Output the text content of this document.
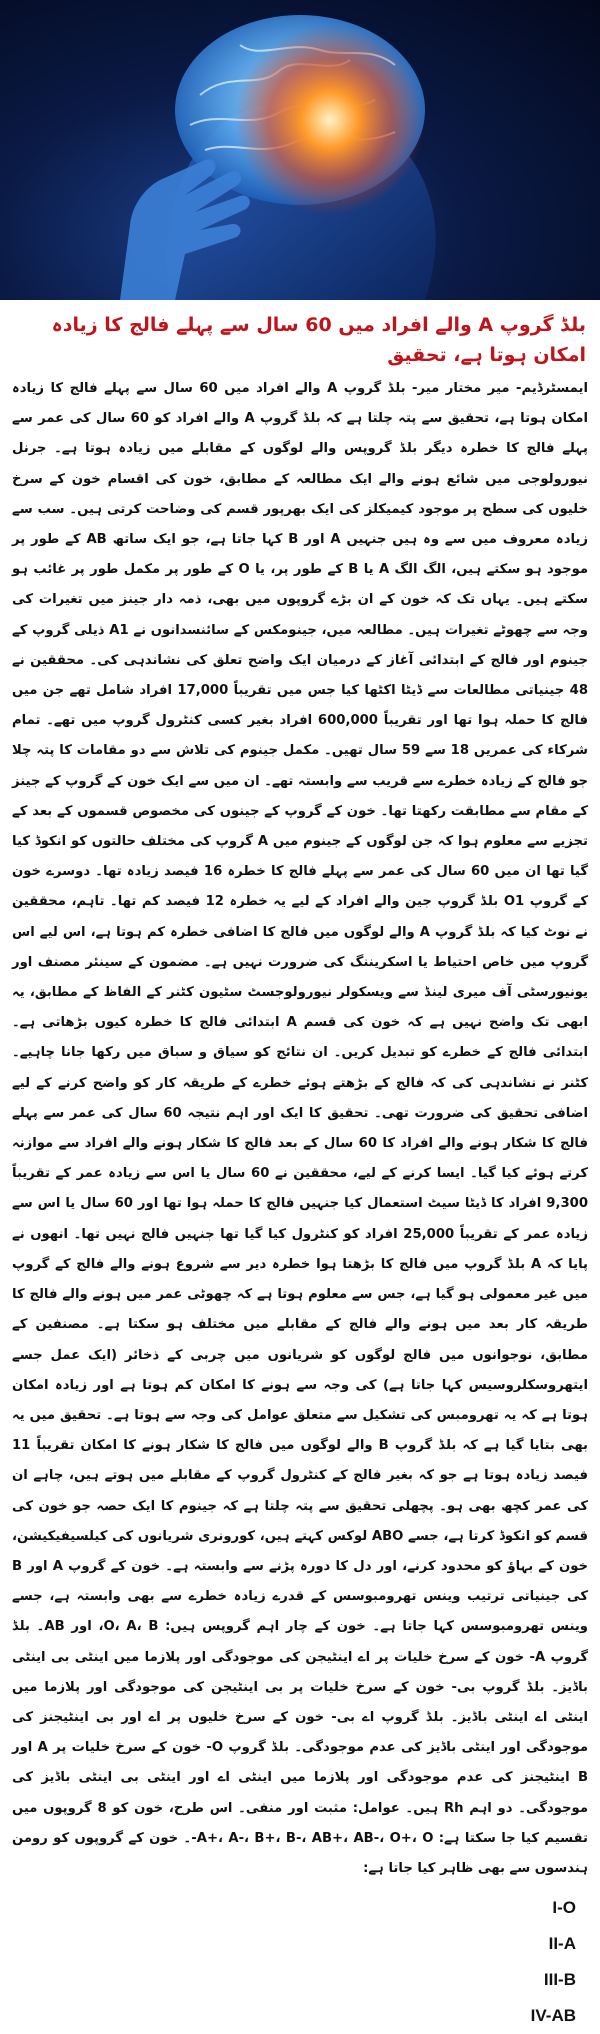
بلڈ گروپ A والے افراد میں 60 سال سے پہلے فالج کا زیادہ امکان ہوتا ہے، تحقیق

ایمسٹرڈیم- میر مختار میر- بلڈ گروپ A والے افراد میں 60 سال سے پہلے فالج کا زیادہ امکان ہوتا ہے، تحقیق سے پتہ چلتا ہے کہ بلڈ گروپ A والے افراد کو 60 سال کی عمر سے پہلے فالج کا خطرہ دیگر بلڈ گروپس والے لوگوں کے مقابلے میں زیادہ ہوتا ہے۔ جرنل نیورولوجی میں شائع ہونے والے ایک مطالعہ کے مطابق، خون کی اقسام خون کے سرخ خلیوں کی سطح پر موجود کیمیکلز کی ایک بھرپور قسم کی وضاحت کرتی ہیں۔ سب سے زیادہ معروف میں سے وہ ہیں جنہیں A اور B کہا جاتا ہے، جو ایک ساتھ AB کے طور پر موجود ہو سکتے ہیں، الگ الگ A یا B کے طور پر، یا O کے طور پر مکمل طور پر غائب ہو سکتے ہیں۔ یہاں تک کہ خون کے ان بڑے گروپوں میں بھی، ذمہ دار جینز میں تغیرات کی وجہ سے چھوٹے تغیرات ہیں۔ مطالعہ میں، جینومکس کے سائنسدانوں نے A1 ذیلی گروپ کے جینوم اور فالج کے ابتدائی آغاز کے درمیان ایک واضح تعلق کی نشاندہی کی۔ محققین نے 48 جینیاتی مطالعات سے ڈیٹا اکٹھا کیا جس میں تقریباً 17,000 افراد شامل تھے جن میں فالج کا حملہ ہوا تھا اور تقریباً 600,000 افراد بغیر کسی کنٹرول گروپ میں تھے۔ تمام شرکاء کی عمریں 18 سے 59 سال تھیں۔ مکمل جینوم کی تلاش سے دو مقامات کا پتہ چلا جو فالج کے زیادہ خطرے سے قریب سے وابستہ تھے۔ ان میں سے ایک خون کے گروپ کے جینز کے مقام سے مطابقت رکھتا تھا۔ خون کے گروپ کے جینوں کی مخصوص قسموں کے بعد کے تجزیے سے معلوم ہوا کہ جن لوگوں کے جینوم میں A گروپ کی مختلف حالتوں کو انکوڈ کیا گیا تھا ان میں 60 سال کی عمر سے پہلے فالج کا خطرہ 16 فیصد زیادہ تھا۔ دوسرے خون کے گروپ O1 بلڈ گروپ جین والے افراد کے لیے یہ خطرہ 12 فیصد کم تھا۔ تاہم، محققین نے نوٹ کیا کہ بلڈ گروپ A والے لوگوں میں فالج کا اضافی خطرہ کم ہوتا ہے، اس لیے اس گروپ میں خاص احتیاط یا اسکریننگ کی ضرورت نہیں ہے۔ مضمون کے سینئر مصنف اور یونیورسٹی آف میری لینڈ سے ویسکولر نیورولوجسٹ سٹیون کٹنر کے الفاظ کے مطابق، یہ ابھی تک واضح نہیں ہے کہ خون کی قسم A ابتدائی فالج کا خطرہ کیوں بڑھاتی ہے۔ ابتدائی فالج کے خطرے کو تبدیل کریں۔ ان نتائج کو سیاق و سباق میں رکھا جانا چاہیے۔ کٹنر نے نشاندہی کی کہ فالج کے بڑھتے ہوئے خطرے کے طریقہ کار کو واضح کرنے کے لیے اضافی تحقیق کی ضرورت تھی۔ تحقیق کا ایک اور اہم نتیجہ 60 سال کی عمر سے پہلے فالج کا شکار ہونے والے افراد کا 60 سال کے بعد فالج کا شکار ہونے والے افراد سے موازنہ کرتے ہوئے کیا گیا۔ ایسا کرنے کے لیے، محققین نے 60 سال یا اس سے زیادہ عمر کے تقریباً 9,300 افراد کا ڈیٹا سیٹ استعمال کیا جنہیں فالج کا حملہ ہوا تھا اور 60 سال یا اس سے زیادہ عمر کے تقریباً 25,000 افراد کو کنٹرول کیا گیا تھا جنہیں فالج نہیں تھا۔ انھوں نے پایا کہ A بلڈ گروپ میں فالج کا بڑھتا ہوا خطرہ دیر سے شروع ہونے والے فالج کے گروپ میں غیر معمولی ہو گیا ہے، جس سے معلوم ہوتا ہے کہ چھوٹی عمر میں ہونے والے فالج کا طریقہ کار بعد میں ہونے والے فالج کے مقابلے میں مختلف ہو سکتا ہے۔ مصنفین کے مطابق، نوجوانوں میں فالج لوگوں کو شریانوں میں چربی کے ذخائر (ایک عمل جسے ایتھروسکلروسیس کہا جاتا ہے) کی وجہ سے ہونے کا امکان کم ہوتا ہے اور زیادہ امکان ہوتا ہے کہ یہ تھرومبس کی تشکیل سے متعلق عوامل کی وجہ سے ہوتا ہے۔ تحقیق میں یہ بھی بتایا گیا ہے کہ بلڈ گروپ B والے لوگوں میں فالج کا شکار ہونے کا امکان تقریباً 11 فیصد زیادہ ہوتا ہے جو کہ بغیر فالج کے کنٹرول گروپ کے مقابلے میں ہوتے ہیں، چاہے ان کی عمر کچھ بھی ہو۔ پچھلی تحقیق سے پتہ چلتا ہے کہ جینوم کا ایک حصہ جو خون کی قسم کو انکوڈ کرتا ہے، جسے ABO لوکس کہتے ہیں، کورونری شریانوں کی کیلسیفیکیشن، خون کے بہاؤ کو محدود کرنے، اور دل کا دورہ پڑنے سے وابستہ ہے۔ خون کے گروپ A اور B کی جینیاتی ترتیب وینس تھرومبوسس کے قدرے زیادہ خطرے سے بھی وابستہ ہے، جسے وینس تھرومبوسس کہا جاتا ہے۔ خون کے چار اہم گروپس ہیں: O، A، B، اور AB۔ بلڈ گروپ A- خون کے سرخ خلیات پر اے اینٹیجن کی موجودگی اور پلازما میں اینٹی بی اینٹی باڈیز۔ بلڈ گروپ بی- خون کے سرخ خلیات پر بی اینٹیجن کی موجودگی اور پلازما میں اینٹی اے اینٹی باڈیز۔ بلڈ گروپ اے بی- خون کے سرخ خلیوں پر اے اور بی اینٹیجنز کی موجودگی اور اینٹی باڈیز کی عدم موجودگی۔ بلڈ گروپ O- خون کے سرخ خلیات پر A اور B اینٹیجنز کی عدم موجودگی اور پلازما میں اینٹی اے اور اینٹی بی اینٹی باڈیز کی موجودگی۔ دو اہم Rh ہیں۔ عوامل: مثبت اور منفی۔ اس طرح، خون کو 8 گروپوں میں تقسیم کیا جا سکتا ہے: A+، A-، B+، B-، AB+، AB-، O+، O-۔ خون کے گروپوں کو رومن ہندسوں سے بھی ظاہر کیا جاتا ہے:

I-O
II-A
III-B
IV-AB
